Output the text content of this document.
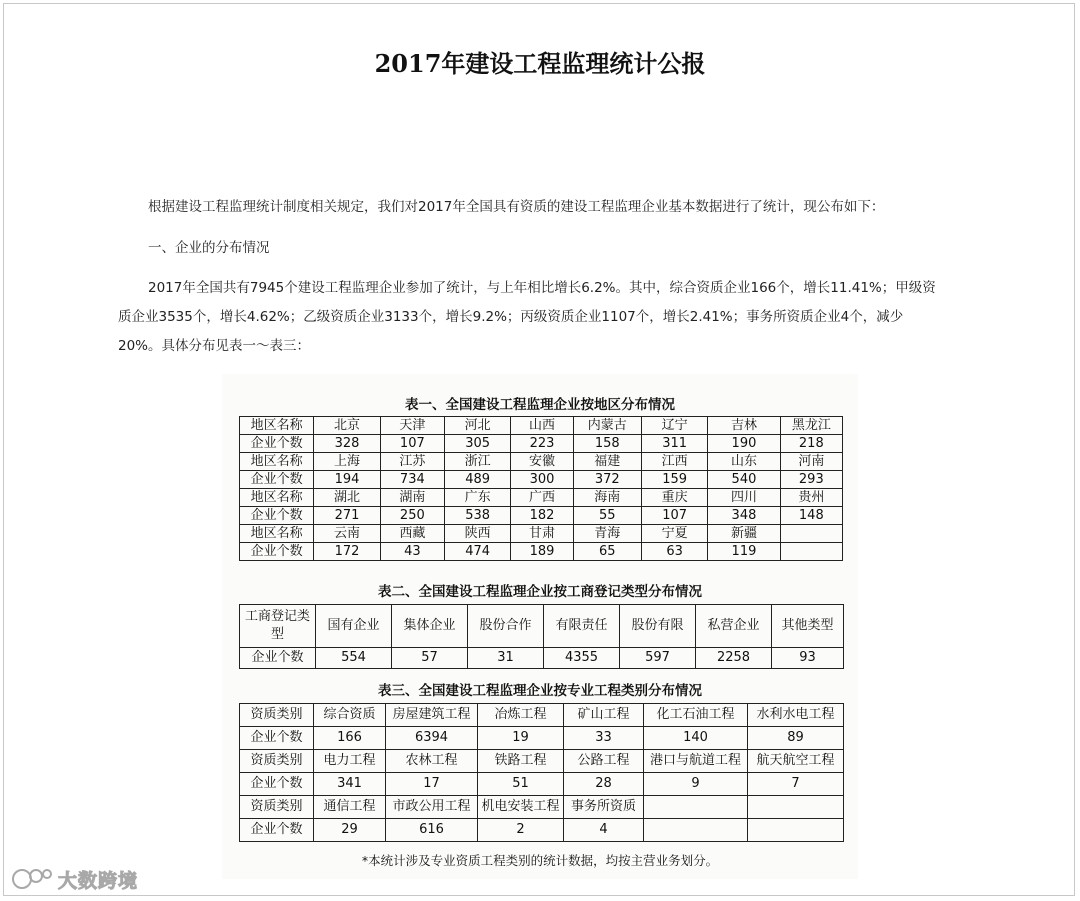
2017年建设工程监理统计公报
根据建设工程监理统计制度相关规定，我们对2017年全国具有资质的建设工程监理企业基本数据进行了统计，现公布如下：
一、企业的分布情况
2017年全国共有7945个建设工程监理企业参加了统计，与上年相比增长6.2%。其中，综合资质企业166个，增长11.41%；甲级资质企业3535个，增长4.62%；乙级资质企业3133个，增长9.2%；丙级资质企业1107个，增长2.41%；事务所资质企业4个，减少20%。具体分布见表一～表三：
表一、全国建设工程监理企业按地区分布情况
地区名称	北京	天津	河北	山西	内蒙古	辽宁	吉林	黑龙江
企业个数	328	107	305	223	158	311	190	218
地区名称	上海	江苏	浙江	安徽	福建	江西	山东	河南
企业个数	194	734	489	300	372	159	540	293
地区名称	湖北	湖南	广东	广西	海南	重庆	四川	贵州
企业个数	271	250	538	182	55	107	348	148
地区名称	云南	西藏	陕西	甘肃	青海	宁夏	新疆	
企业个数	172	43	474	189	65	63	119	
表二、全国建设工程监理企业按工商登记类型分布情况
工商登记类型	国有企业	集体企业	股份合作	有限责任	股份有限	私营企业	其他类型
企业个数	554	57	31	4355	597	2258	93
表三、全国建设工程监理企业按专业工程类别分布情况
资质类别	综合资质	房屋建筑工程	冶炼工程	矿山工程	化工石油工程	水利水电工程
企业个数	166	6394	19	33	140	89
资质类别	电力工程	农林工程	铁路工程	公路工程	港口与航道工程	航天航空工程
企业个数	341	17	51	28	9	7
资质类别	通信工程	市政公用工程	机电安装工程	事务所资质		
企业个数	29	616	2	4		
*本统计涉及专业资质工程类别的统计数据，均按主营业务划分。
大数跨境
